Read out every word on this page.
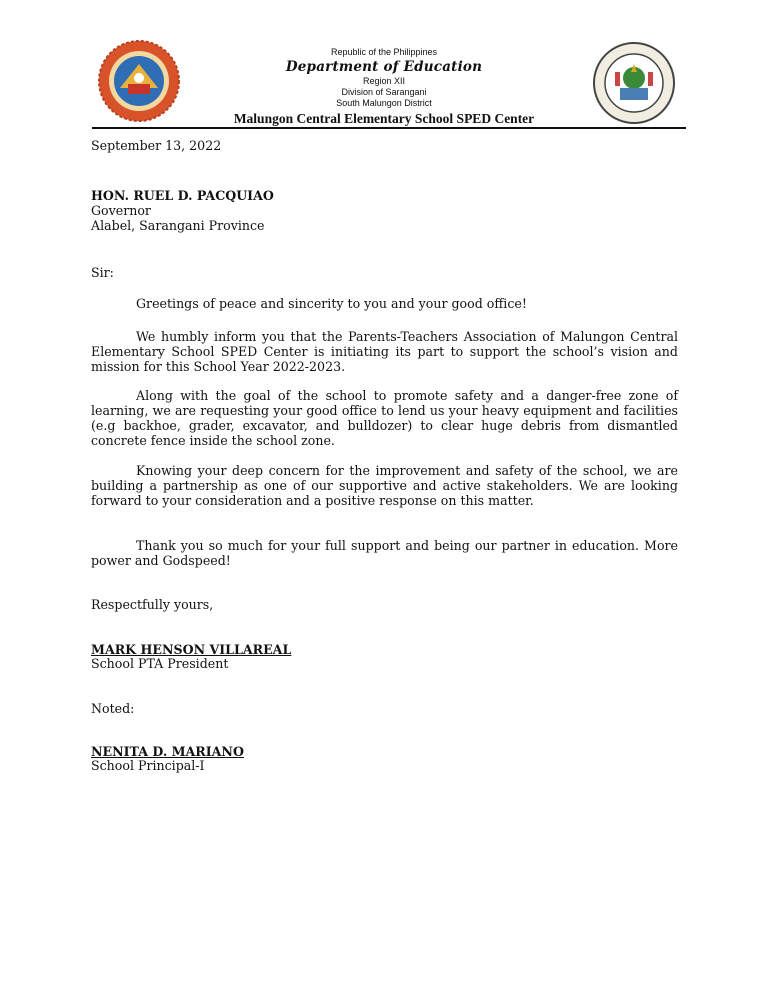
Republic of the Philippines
Department of Education
Region XII
Division of Sarangani
South Malungon District
Malungon Central Elementary School SPED Center
September 13, 2022
HON. RUEL D. PACQUIAO
Governor
Alabel, Sarangani Province
Sir:
Greetings of peace and sincerity to you and your good office!
We humbly inform you that the Parents-Teachers Association of Malungon Central Elementary School SPED Center is initiating its part to support the school’s vision and mission for this School Year 2022-2023.
Along with the goal of the school to promote safety and a danger-free zone of learning, we are requesting your good office to lend us your heavy equipment and facilities (e.g backhoe, grader, excavator, and bulldozer) to clear huge debris from dismantled concrete fence inside the school zone.
Knowing your deep concern for the improvement and safety of the school, we are building a partnership as one of our supportive and active stakeholders. We are looking forward to your consideration and a positive response on this matter.
Thank you so much for your full support and being our partner in education. More power and Godspeed!
Respectfully yours,
MARK HENSON VILLAREAL
School PTA President
Noted:
NENITA D. MARIANO
School Principal-I
